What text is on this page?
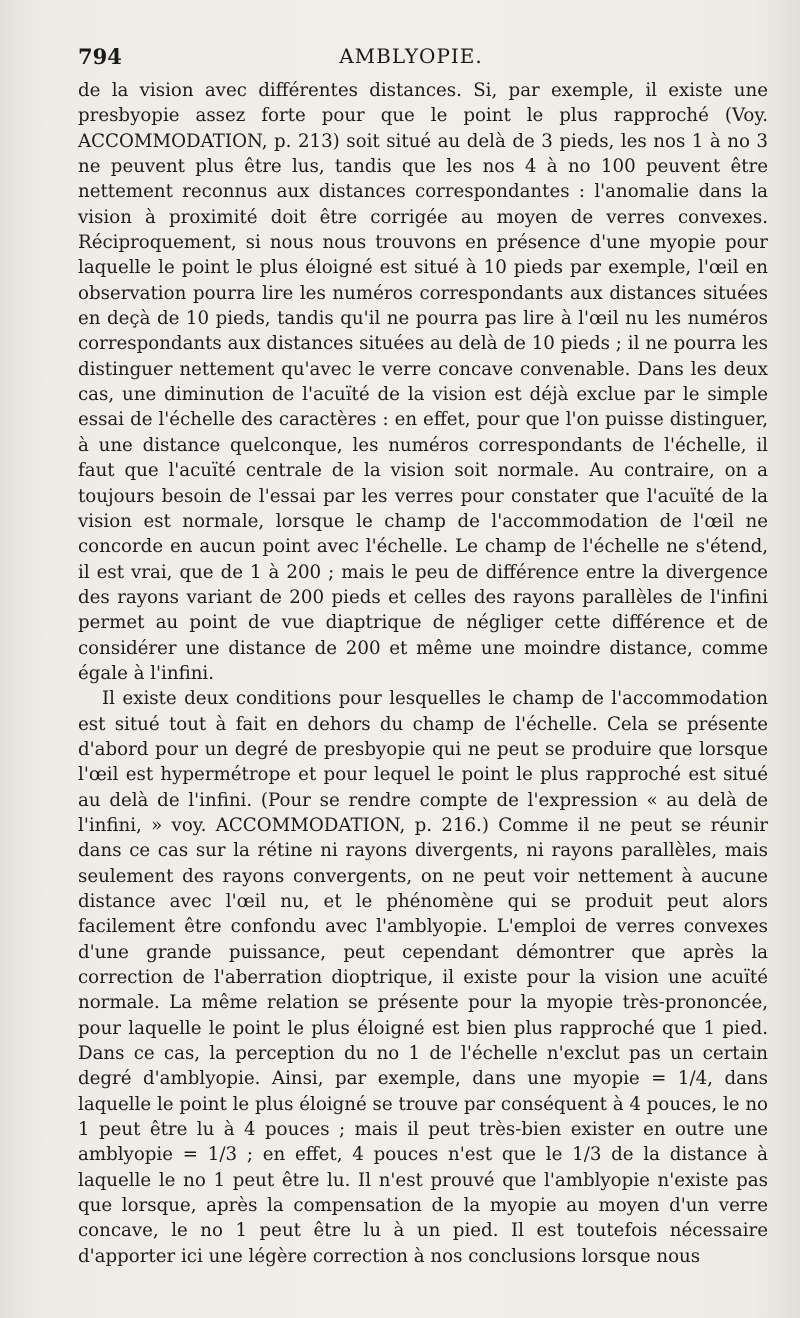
794	AMBLYOPIE.

de la vision avec différentes distances. Si, par exemple, il existe une presbyopie assez forte pour que le point le plus rapproché (Voy. ACCOMMODATION, p. 213) soit situé au delà de 3 pieds, les nos 1 à no 3 ne peuvent plus être lus, tandis que les nos 4 à no 100 peuvent être nettement reconnus aux distances correspondantes : l'anomalie dans la vision à proximité doit être corrigée au moyen de verres convexes. Réciproquement, si nous nous trouvons en présence d'une myopie pour laquelle le point le plus éloigné est situé à 10 pieds par exemple, l'œil en observation pourra lire les numéros correspondants aux distances situées en deçà de 10 pieds, tandis qu'il ne pourra pas lire à l'œil nu les numéros correspondants aux distances situées au delà de 10 pieds ; il ne pourra les distinguer nettement qu'avec le verre concave convenable. Dans les deux cas, une diminution de l'acuïté de la vision est déjà exclue par le simple essai de l'échelle des caractères : en effet, pour que l'on puisse distinguer, à une distance quelconque, les numéros correspondants de l'échelle, il faut que l'acuïté centrale de la vision soit normale. Au contraire, on a toujours besoin de l'essai par les verres pour constater que l'acuïté de la vision est normale, lorsque le champ de l'accommodation de l'œil ne concorde en aucun point avec l'échelle. Le champ de l'échelle ne s'étend, il est vrai, que de 1 à 200 ; mais le peu de différence entre la divergence des rayons variant de 200 pieds et celles des rayons parallèles de l'infini permet au point de vue diaptrique de négliger cette différence et de considérer une distance de 200 et même une moindre distance, comme égale à l'infini.

Il existe deux conditions pour lesquelles le champ de l'accommodation est situé tout à fait en dehors du champ de l'échelle. Cela se présente d'abord pour un degré de presbyopie qui ne peut se produire que lorsque l'œil est hypermétrope et pour lequel le point le plus rapproché est situé au delà de l'infini. (Pour se rendre compte de l'expression « au delà de l'infini, » voy. ACCOMMODATION, p. 216.) Comme il ne peut se réunir dans ce cas sur la rétine ni rayons divergents, ni rayons parallèles, mais seulement des rayons convergents, on ne peut voir nettement à aucune distance avec l'œil nu, et le phénomène qui se produit peut alors facilement être confondu avec l'amblyopie. L'emploi de verres convexes d'une grande puissance, peut cependant démontrer que après la correction de l'aberration dioptrique, il existe pour la vision une acuïté normale. La même relation se présente pour la myopie très-prononcée, pour laquelle le point le plus éloigné est bien plus rapproché que 1 pied. Dans ce cas, la perception du no 1 de l'échelle n'exclut pas un certain degré d'amblyopie. Ainsi, par exemple, dans une myopie = 1/4, dans laquelle le point le plus éloigné se trouve par conséquent à 4 pouces, le no 1 peut être lu à 4 pouces ; mais il peut très-bien exister en outre une amblyopie = 1/3 ; en effet, 4 pouces n'est que le 1/3 de la distance à laquelle le no 1 peut être lu. Il n'est prouvé que l'amblyopie n'existe pas que lorsque, après la compensation de la myopie au moyen d'un verre concave, le no 1 peut être lu à un pied. Il est toutefois nécessaire d'apporter ici une légère correction à nos conclusions lorsque nous
